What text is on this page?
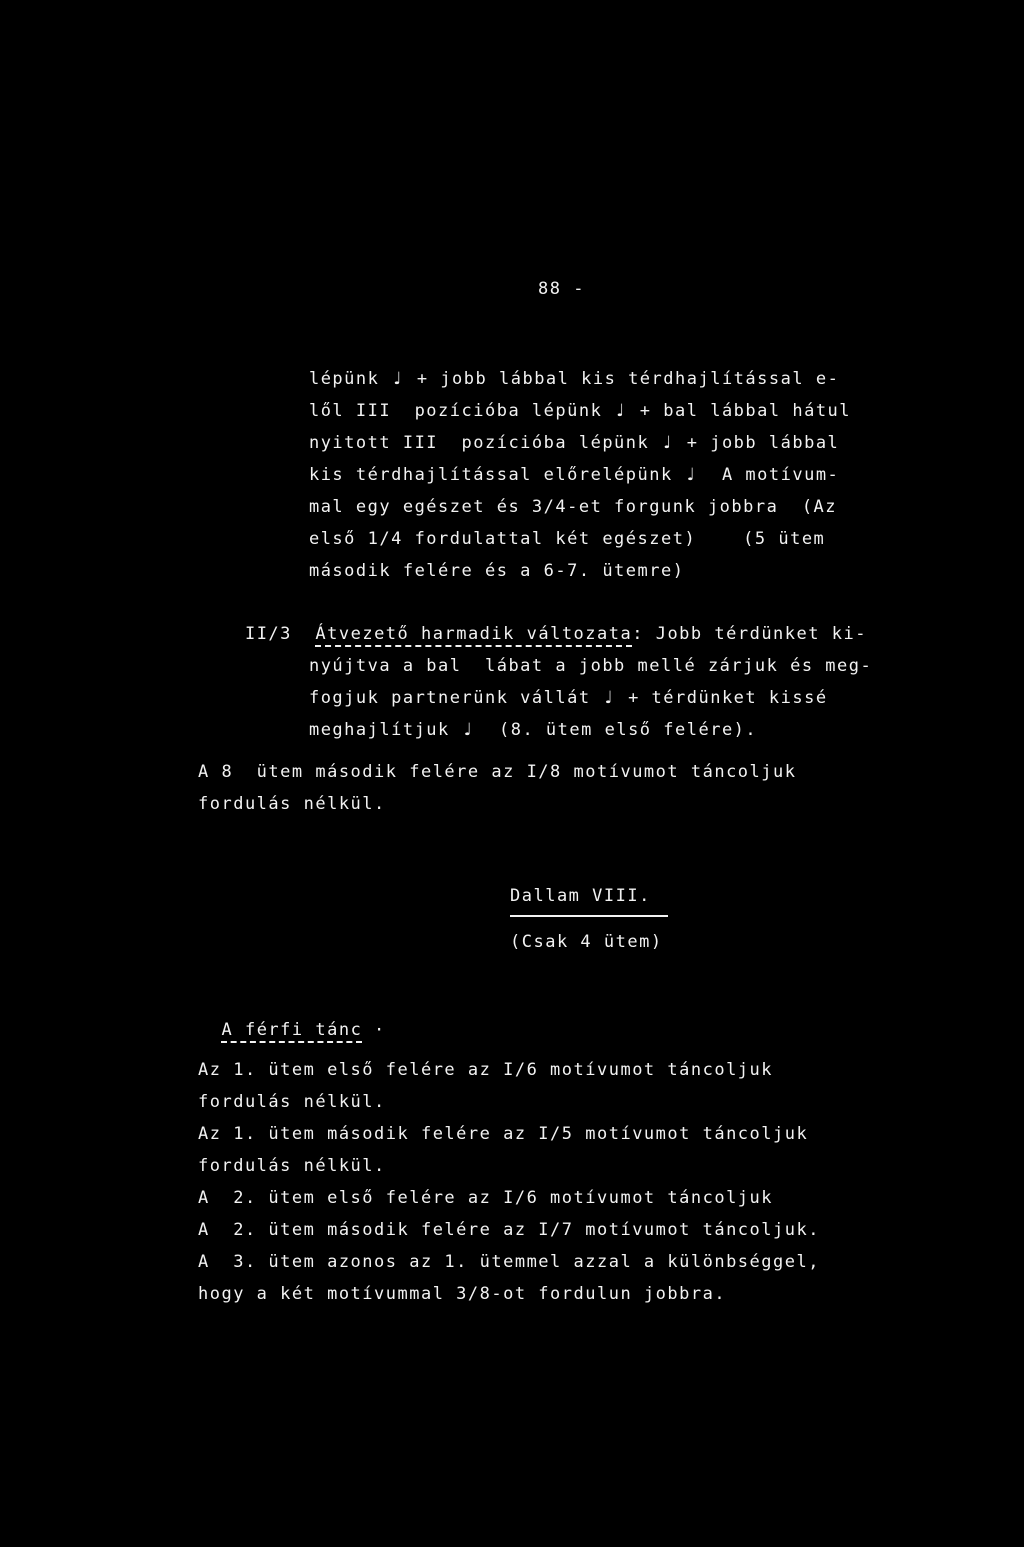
88 -

lépünk ♩ + jobb lábbal kis térdhajlítással e-

lől III  pozícióba lépünk ♩ + bal lábbal hátul

nyitott III  pozícióba lépünk ♩ + jobb lábbal

kis térdhajlítással előrelépünk ♩  A motívum-

mal egy egészet és 3/4-et forgunk jobbra  (Az

első 1/4 fordulattal két egészet)    (5 ütem

második felére és a 6-7. ütemre)

II/3 Átvezető harmadik változata: Jobb térdünket ki-

nyújtva a bal  lábat a jobb mellé zárjuk és meg-

fogjuk partnerünk vállát ♩ + térdünket kissé

meghajlítjuk ♩  (8. ütem első felére).

A 8  ütem második felére az I/8 motívumot táncoljuk
fordulás nélkül.
Dallam VIII.
(Csak 4 ütem)

A férfi tánc ·

Az 1. ütem első felére az I/6 motívumot táncoljuk
fordulás nélkül.
Az 1. ütem második felére az I/5 motívumot táncoljuk
fordulás nélkül.
A  2. ütem első felére az I/6 motívumot táncoljuk
A  2. ütem második felére az I/7 motívumot táncoljuk.
A  3. ütem azonos az 1. ütemmel azzal a különbséggel,
hogy a két motívummal 3/8-ot fordulun jobbra.
